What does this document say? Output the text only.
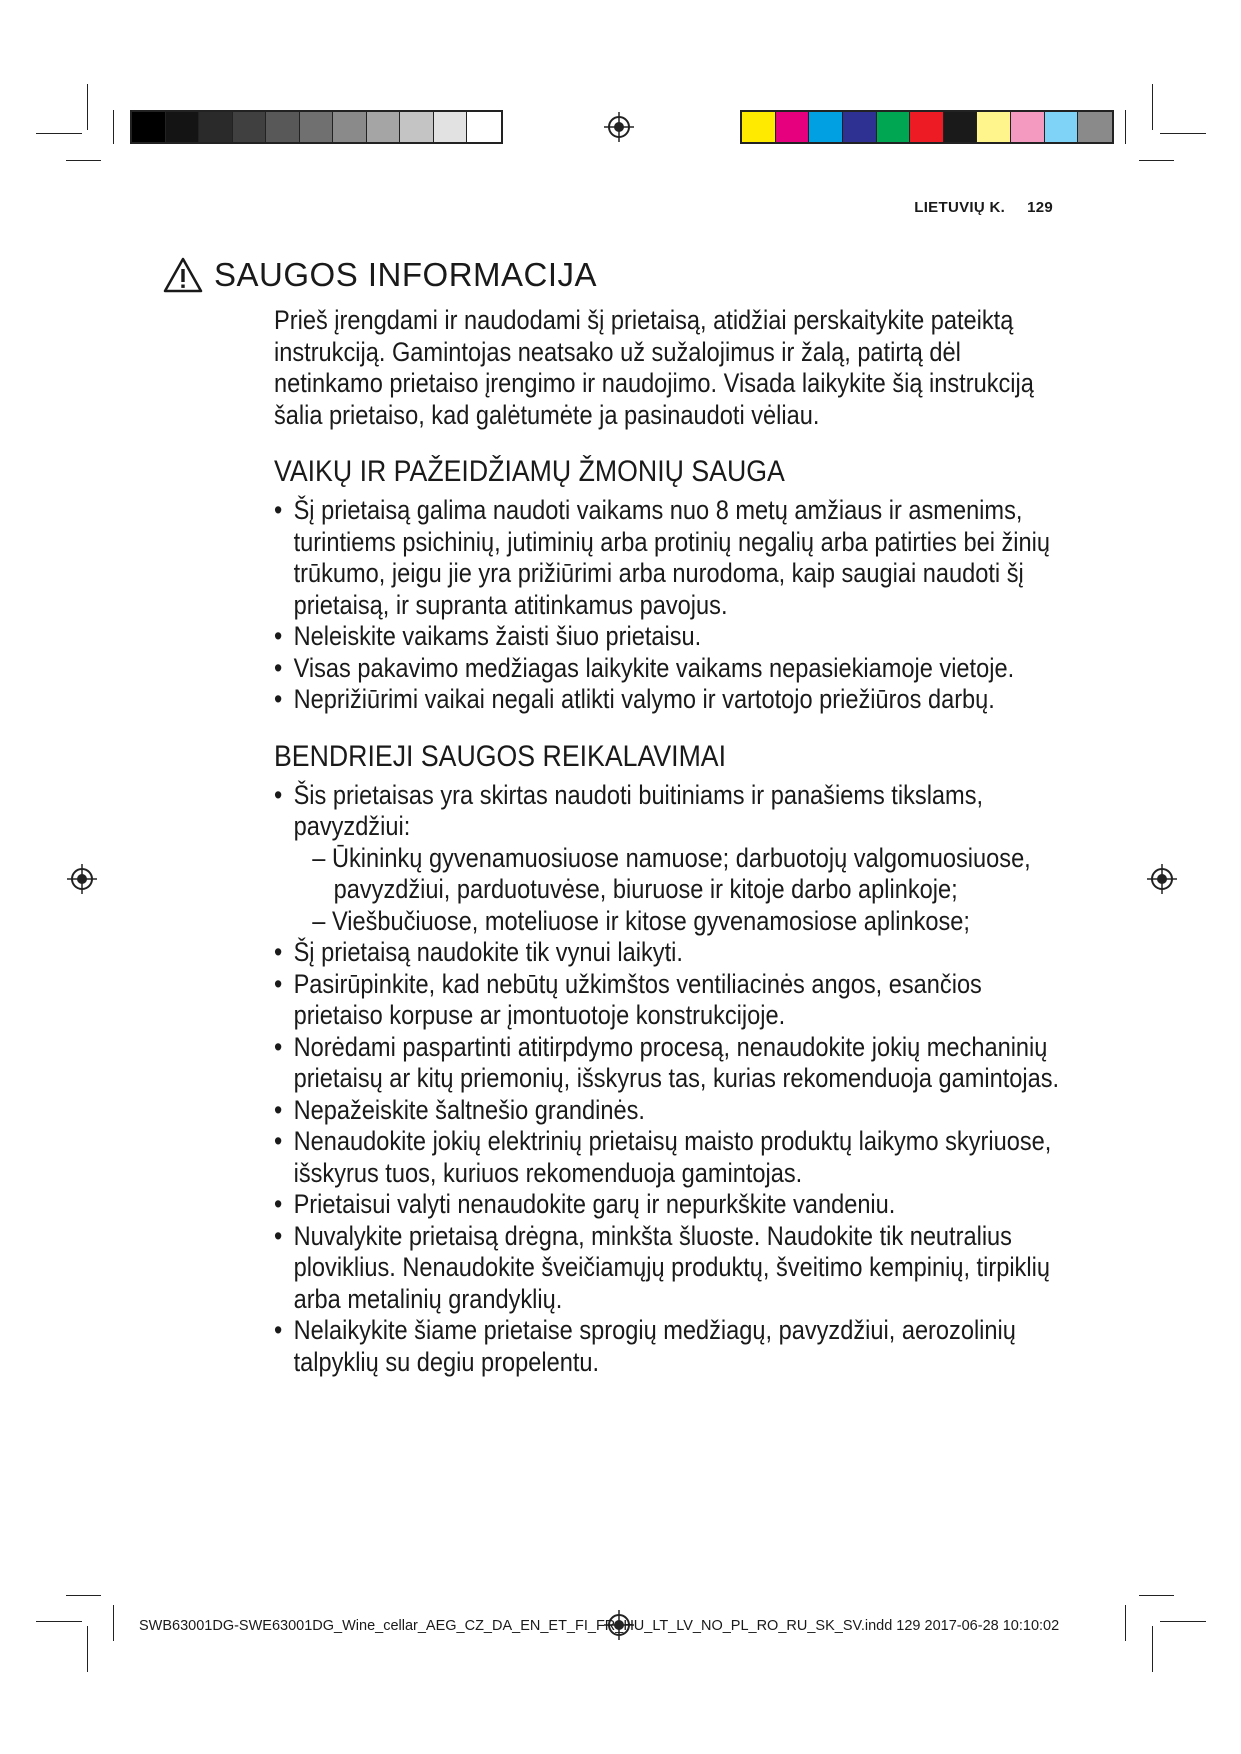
LIETUVIŲ K. 129
SAUGOS INFORMACIJA

Prieš įrengdami ir naudodami šį prietaisą, atidžiai perskaitykite pateiktą instrukciją. Gamintojas neatsako už sužalojimus ir žalą, patirtą dėl netinkamo prietaiso įrengimo ir naudojimo. Visada laikykite šią instrukciją šalia prietaiso, kad galėtumėte ja pasinaudoti vėliau.

VAIKŲ IR PAŽEIDŽIAMŲ ŽMONIŲ SAUGA
• Šį prietaisą galima naudoti vaikams nuo 8 metų amžiaus ir asmenims, turintiems psichinių, jutiminių arba protinių negalių arba patirties bei žinių trūkumo, jeigu jie yra prižiūrimi arba nurodoma, kaip saugiai naudoti šį prietaisą, ir supranta atitinkamus pavojus.
• Neleiskite vaikams žaisti šiuo prietaisu.
• Visas pakavimo medžiagas laikykite vaikams nepasiekiamoje vietoje.
• Neprižiūrimi vaikai negali atlikti valymo ir vartotojo priežiūros darbų.
BENDRIEJI SAUGOS REIKALAVIMAI
• Šis prietaisas yra skirtas naudoti buitiniams ir panašiems tikslams, pavyzdžiui:
– Ūkininkų gyvenamuosiuose namuose; darbuotojų valgomuosiuose, pavyzdžiui, parduotuvėse, biuruose ir kitoje darbo aplinkoje;
– Viešbučiuose, moteliuose ir kitose gyvenamosiose aplinkose;
• Šį prietaisą naudokite tik vynui laikyti.
• Pasirūpinkite, kad nebūtų užkimštos ventiliacinės angos, esančios prietaiso korpuse ar įmontuotoje konstrukcijoje.
• Norėdami paspartinti atitirpdymo procesą, nenaudokite jokių mechaninių prietaisų ar kitų priemonių, išskyrus tas, kurias rekomenduoja gamintojas.
• Nepažeiskite šaltnešio grandinės.
• Nenaudokite jokių elektrinių prietaisų maisto produktų laikymo skyriuose, išskyrus tuos, kuriuos rekomenduoja gamintojas.
• Prietaisui valyti nenaudokite garų ir nepurkškite vandeniu.
• Nuvalykite prietaisą drėgna, minkšta šluoste. Naudokite tik neutralius ploviklius. Nenaudokite šveičiamųjų produktų, šveitimo kempinių, tirpiklių arba metalinių grandyklių.
• Nelaikykite šiame prietaise sprogių medžiagų, pavyzdžiui, aerozolinių talpyklių su degiu propelentu.
SWB63001DG-SWE63001DG_Wine_cellar_AEG_CZ_DA_EN_ET_FI_FR_HU_LT_LV_NO_PL_RO_RU_SK_SV.indd 129 2017-06-28 10:10:02
